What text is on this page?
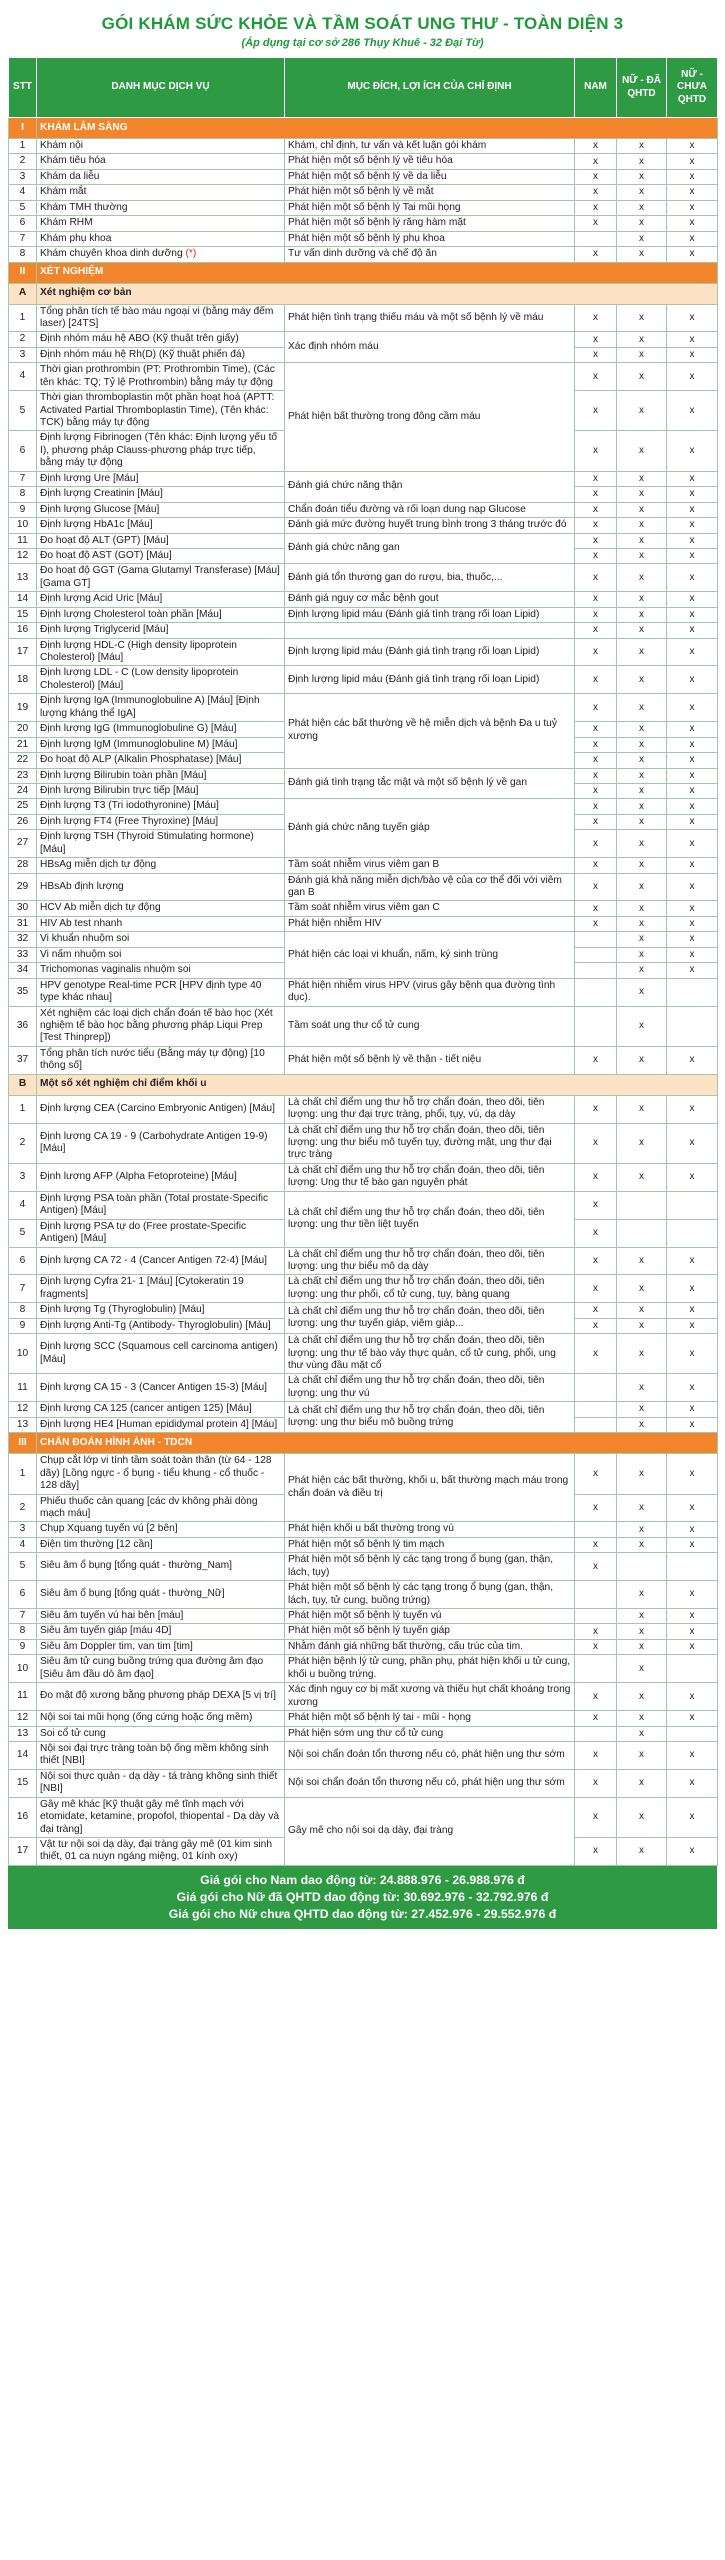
GÓI KHÁM SỨC KHỎE VÀ TẦM SOÁT UNG THƯ - TOÀN DIỆN 3
(Áp dụng tại cơ sở 286 Thụy Khuê - 32 Đại Từ)
STT	DANH MỤC DỊCH VỤ	MỤC ĐÍCH, LỢI ÍCH CỦA CHỈ ĐỊNH	NAM	NỮ - ĐÃ QHTD	NỮ - CHƯA QHTD
I	KHÁM LÂM SÀNG				
1	Khám nội	Khám, chỉ định, tư vấn và kết luận gói khám	x	x	x
2	Khám tiêu hóa	Phát hiện một số bệnh lý về tiêu hóa	x	x	x
3	Khám da liễu	Phát hiện một số bệnh lý về da liễu	x	x	x
4	Khám mắt	Phát hiện một số bệnh lý về mắt	x	x	x
5	Khám TMH thường	Phát hiện một số bệnh lý Tai mũi họng	x	x	x
6	Khám RHM	Phát hiện một số bệnh lý răng hàm mặt	x	x	x
7	Khám phụ khoa	Phát hiện một số bệnh lý phụ khoa		x	x
8	Khám chuyên khoa dinh dưỡng (*)	Tư vấn dinh dưỡng và chế độ ăn	x	x	x
II	XÉT NGHIỆM				
A	Xét nghiệm cơ bản				
1	Tổng phân tích tế bào máu ngoại vi (bằng máy đếm laser) [24TS]	Phát hiện tình trạng thiếu máu và một số bệnh lý về máu	x	x	x
2	Định nhóm máu hệ ABO (Kỹ thuật trên giấy)	Xác định nhóm máu	x	x	x
3	Định nhóm máu hệ Rh(D) (Kỹ thuật phiến đá)		x	x	x
4	Thời gian prothrombin (PT: Prothrombin Time), (Các tên khác: TQ; Tỷ lệ Prothrombin) bằng máy tự động	Phát hiện bất thường trong đông cầm máu	x	x	x
5	Thời gian thromboplastin một phần hoạt hoá (APTT: Activated Partial Thromboplastin Time), (Tên khác: TCK) bằng máy tự động		x	x	x
6	Định lượng Fibrinogen (Tên khác: Định lượng yếu tố I), phương pháp Clauss-phương pháp trực tiếp, bằng máy tự động		x	x	x
7	Định lượng Ure [Máu]	Đánh giá chức năng thận	x	x	x
8	Định lượng Creatinin [Máu]		x	x	x
9	Định lượng Glucose [Máu]	Chẩn đoán tiểu đường và rối loạn dung nạp Glucose	x	x	x
10	Định lượng HbA1c [Máu]	Đánh giá mức đường huyết trung bình trong 3 tháng trước đó	x	x	x
11	Đo hoạt độ ALT (GPT) [Máu]	Đánh giá chức năng gan	x	x	x
12	Đo hoạt độ AST (GOT) [Máu]		x	x	x
13	Đo hoạt độ GGT (Gama Glutamyl Transferase) [Máu] [Gama GT]	Đánh giá tổn thương gan do rượu, bia, thuốc,...	x	x	x
14	Định lượng Acid Uric [Máu]	Đánh giá nguy cơ mắc bệnh gout	x	x	x
15	Định lượng Cholesterol toàn phần [Máu]	Định lượng lipid máu (Đánh giá tình trạng rối loạn Lipid)	x	x	x
16	Định lượng Triglycerid [Máu]		x	x	x
17	Định lượng HDL-C (High density lipoprotein Cholesterol) [Máu]	Định lượng lipid máu (Đánh giá tình trạng rối loạn Lipid)	x	x	x
18	Định lượng LDL - C (Low density lipoprotein Cholesterol) [Máu]	Định lượng lipid máu (Đánh giá tình trạng rối loạn Lipid)	x	x	x
19	Định lượng IgA (Immunoglobuline A) [Máu] [Định lượng kháng thể IgA]	Phát hiện các bất thường về hệ miễn dịch và bệnh Đa u tuỷ xương	x	x	x
20	Định lượng IgG (Immunoglobuline G) [Máu]		x	x	x
21	Định lượng IgM (Immunoglobuline M) [Máu]		x	x	x
22	Đo hoạt độ ALP (Alkalin Phosphatase) [Máu]		x	x	x
23	Định lượng Bilirubin toàn phần [Máu]	Đánh giá tình trạng tắc mật và một số bệnh lý về gan	x	x	x
24	Định lượng Bilirubin trực tiếp [Máu]		x	x	x
25	Định lượng T3 (Tri iodothyronine) [Máu]	Đánh giá chức năng tuyến giáp	x	x	x
26	Định lượng FT4 (Free Thyroxine) [Máu]		x	x	x
27	Định lượng TSH (Thyroid Stimulating hormone) [Máu]		x	x	x
28	HBsAg miễn dịch tự động	Tầm soát nhiễm virus viêm gan B	x	x	x
29	HBsAb định lượng	Đánh giá khả năng miễn dịch/bảo vệ của cơ thể đối với viêm gan B	x	x	x
30	HCV Ab miễn dịch tự động	Tầm soát nhiễm virus viêm gan C	x	x	x
31	HIV Ab test nhanh	Phát hiện nhiễm HIV	x	x	x
32	Vi khuẩn nhuộm soi	Phát hiện các loại vi khuẩn, nấm, ký sinh trùng		x	x
33	Vi nấm nhuộm soi			x	x
34	Trichomonas vaginalis nhuộm soi			x	x
35	HPV genotype Real-time PCR [HPV định type 40 type khác nhau]	Phát hiện nhiễm virus HPV (virus gây bệnh qua đường tình dục).		x	
36	Xét nghiệm các loại dịch chẩn đoán tế bào học (Xét nghiệm tế bào học bằng phương pháp Liqui Prep [Test Thinprep])	Tầm soát ung thư cổ tử cung		x	
37	Tổng phân tích nước tiểu (Bằng máy tự động) [10 thông số]	Phát hiện một số bệnh lý về thận - tiết niệu	x	x	x
B	Một số xét nghiệm chỉ điểm khối u				
1	Định lượng CEA (Carcino Embryonic Antigen) [Máu]	Là chất chỉ điểm ung thư hỗ trợ chẩn đoán, theo dõi, tiên lượng: ung thư đại trực tràng, phổi, tụy, vú, dạ dày	x	x	x
2	Định lượng CA 19 - 9 (Carbohydrate Antigen 19-9) [Máu]	Là chất chỉ điểm ung thư hỗ trợ chẩn đoán, theo dõi, tiên lượng: ung thư biểu mô tuyến tụy, đường mật, ung thư đại trực tràng	x	x	x
3	Định lượng AFP (Alpha Fetoproteine) [Máu]	Là chất chỉ điểm ung thư hỗ trợ chẩn đoán, theo dõi, tiên lượng: Ung thư tế bào gan nguyên phát	x	x	x
4	Định lượng PSA toàn phần (Total prostate-Specific Antigen) [Máu]	Là chất chỉ điểm ung thư hỗ trợ chẩn đoán, theo dõi, tiên lượng: ung thư tiền liệt tuyến	x		
5	Định lượng PSA tự do (Free prostate-Specific Antigen) [Máu]		x		
6	Định lượng CA 72 - 4 (Cancer Antigen 72-4) [Máu]	Là chất chỉ điểm ung thư hỗ trợ chẩn đoán, theo dõi, tiên lượng: ung thư biểu mô dạ dày	x	x	x
7	Định lượng Cyfra 21- 1 [Máu] [Cytokeratin 19 fragments]	Là chất chỉ điểm ung thư hỗ trợ chẩn đoán, theo dõi, tiên lượng: ung thư phổi, cổ tử cung, tụy, bàng quang	x	x	x
8	Định lượng Tg (Thyroglobulin) [Máu]	Là chất chỉ điểm ung thư hỗ trợ chẩn đoán, theo dõi, tiên lượng: ung thư tuyến giáp, viêm giáp...	x	x	x
9	Định lượng Anti-Tg (Antibody- Thyroglobulin) [Máu]		x	x	x
10	Định lượng SCC (Squamous cell carcinoma antigen) [Máu]	Là chất chỉ điểm ung thư hỗ trợ chẩn đoán, theo dõi, tiên lượng: ung thư tế bào vảy thực quản, cổ tử cung, phổi, ung thư vùng đầu mặt cổ	x	x	x
11	Định lượng CA 15 - 3 (Cancer Antigen 15-3) [Máu]	Là chất chỉ điểm ung thư hỗ trợ chẩn đoán, theo dõi, tiên lượng: ung thư vú		x	x
12	Định lượng CA 125 (cancer antigen 125) [Máu]	Là chất chỉ điểm ung thư hỗ trợ chẩn đoán, theo dõi, tiên lượng: ung thư biểu mô buồng trứng		x	x
13	Định lượng HE4 [Human epididymal protein 4] [Máu]			x	x
III	CHẨN ĐOÁN HÌNH ẢNH - TDCN				
1	Chụp cắt lớp vi tính tầm soát toàn thân (từ 64 - 128 dãy) [Lồng ngực - ổ bụng - tiểu khung - cổ thuốc - 128 dãy]	Phát hiện các bất thường, khối u, bất thường mạch máu trong chẩn đoán và điều trị	x	x	x
2	Phiếu thuốc cản quang [các dv không phải dòng mạch máu]		x	x	x
3	Chụp Xquang tuyến vú [2 bên]	Phát hiện khối u bất thường trong vú		x	x
4	Điện tim thường [12 cần]	Phát hiện một số bệnh lý tim mạch	x	x	x
5	Siêu âm ổ bụng [tổng quát - thường_Nam]	Phát hiện một số bệnh lý các tạng trong ổ bụng (gan, thận, lách, tụy)	x		
6	Siêu âm ổ bụng [tổng quát - thường_Nữ]	Phát hiện một số bệnh lý các tạng trong ổ bụng (gan, thận, lách, tụy, tử cung, buồng trứng)		x	x
7	Siêu âm tuyến vú hai bên [máu]	Phát hiện một số bệnh lý tuyến vú		x	x
8	Siêu âm tuyến giáp [máu 4D]	Phát hiện một số bệnh lý tuyến giáp	x	x	x
9	Siêu âm Doppler tim, van tim [tim]	Nhằm đánh giá những bất thường, cấu trúc của tim.	x	x	x
10	Siêu âm tử cung buồng trứng qua đường âm đạo [Siêu âm đầu dò âm đạo]	Phát hiện bệnh lý tử cung, phần phụ, phát hiện khối u tử cung, khối u buồng trứng.		x	
11	Đo mật độ xương bằng phương pháp DEXA [5 vị trí]	Xác định nguy cơ bị mất xương và thiếu hụt chất khoáng trong xương	x	x	x
12	Nội soi tai mũi họng (ống cứng hoặc ống mềm)	Phát hiện một số bệnh lý tai - mũi - họng	x	x	x
13	Soi cổ tử cung	Phát hiện sớm ung thư cổ tử cung		x	
14	Nội soi đại trực tràng toàn bộ ống mềm không sinh thiết [NBI]	Nội soi chẩn đoán tổn thương nếu có, phát hiện ung thư sớm	x	x	x
15	Nội soi thực quản - dạ dày - tá tràng không sinh thiết [NBI]	Nội soi chẩn đoán tổn thương nếu có, phát hiện ung thư sớm	x	x	x
16	Gây mê khác [Kỹ thuật gây mê tĩnh mạch với etomidate, ketamine, propofol, thiopental - Dạ dày và đại tràng]	Gây mê cho nội soi dạ dày, đại tràng	x	x	x
17	Vật tư nội soi dạ dày, đại tràng gây mê (01 kim sinh thiết, 01 ca nuyn ngáng miệng, 01 kính oxy)		x	x	x
Giá gói cho Nam dao động từ: 24.888.976 - 26.988.976 đ
Giá gói cho Nữ đã QHTD dao động từ: 30.692.976 - 32.792.976 đ
Giá gói cho Nữ chưa QHTD dao động từ: 27.452.976 - 29.552.976 đ
